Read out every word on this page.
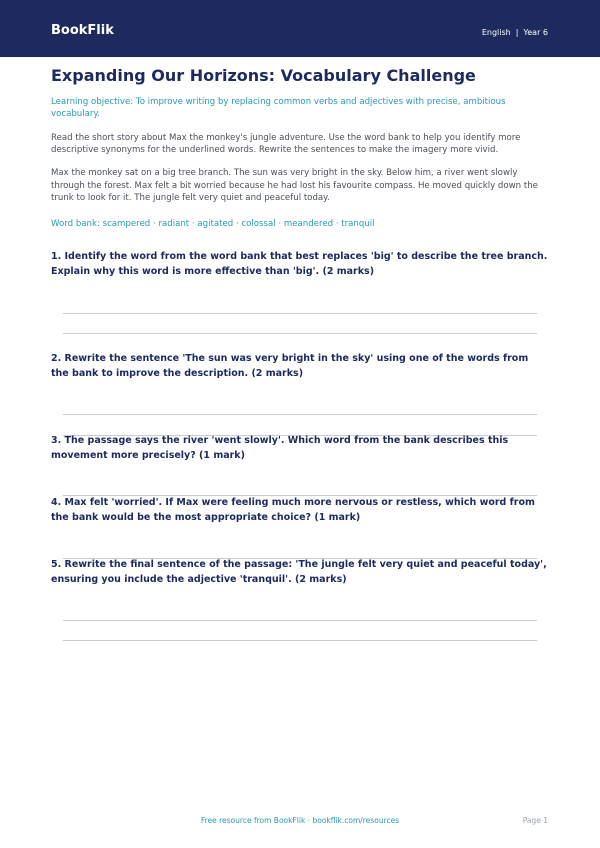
BookFlik	English | Year 6
Expanding Our Horizons: Vocabulary Challenge

Learning objective: To improve writing by replacing common verbs and adjectives with precise, ambitious vocabulary.

Read the short story about Max the monkey's jungle adventure. Use the word bank to help you identify more descriptive synonyms for the underlined words. Rewrite the sentences to make the imagery more vivid.

Max the monkey sat on a big tree branch. The sun was very bright in the sky. Below him, a river went slowly through the forest. Max felt a bit worried because he had lost his favourite compass. He moved quickly down the trunk to look for it. The jungle felt very quiet and peaceful today.

Word bank: scampered · radiant · agitated · colossal · meandered · tranquil

1. Identify the word from the word bank that best replaces 'big' to describe the tree branch. Explain why this word is more effective than 'big'. (2 marks)

2. Rewrite the sentence 'The sun was very bright in the sky' using one of the words from the bank to improve the description. (2 marks)

3. The passage says the river 'went slowly'. Which word from the bank describes this movement more precisely? (1 mark)

4. Max felt 'worried'. If Max were feeling much more nervous or restless, which word from the bank would be the most appropriate choice? (1 mark)

5. Rewrite the final sentence of the passage: 'The jungle felt very quiet and peaceful today', ensuring you include the adjective 'tranquil'. (2 marks)

Free resource from BookFlik · bookflik.com/resources	Page 1
